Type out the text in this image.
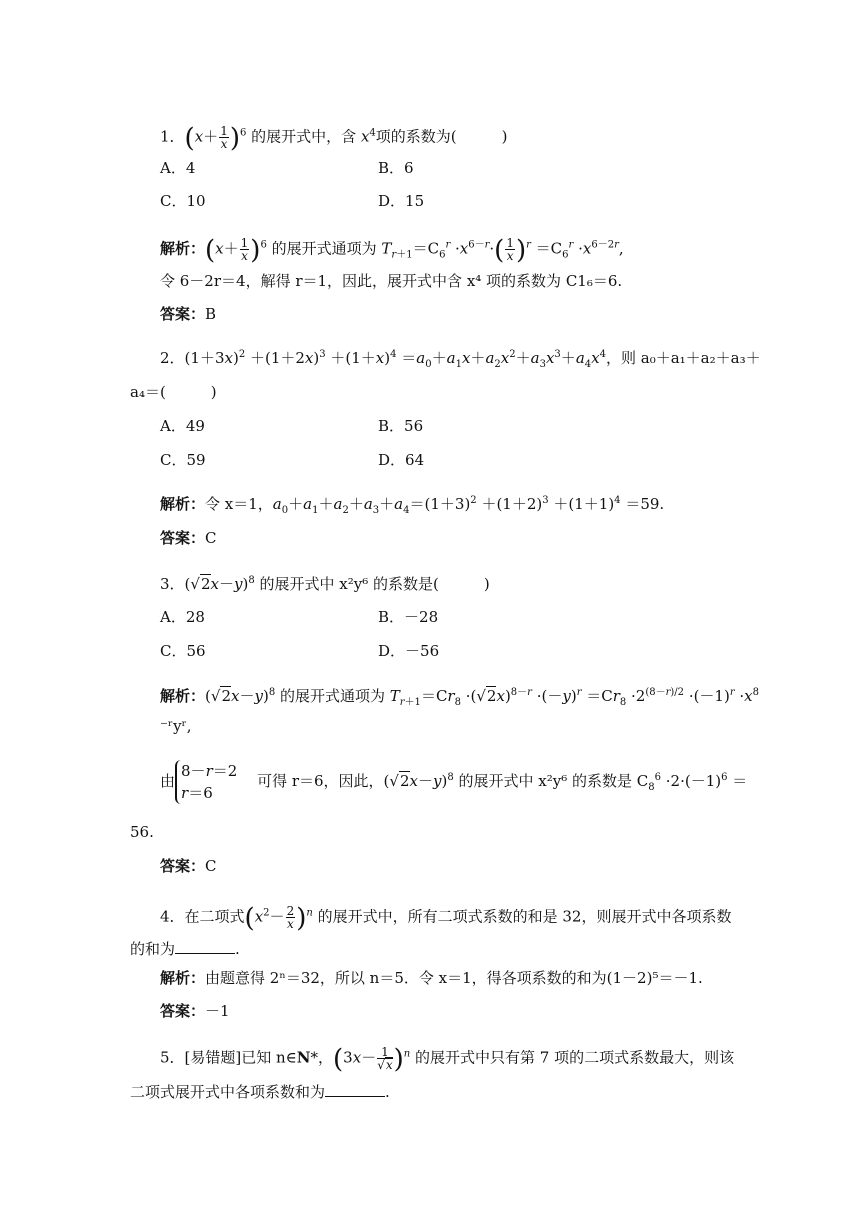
1．$(x+ \frac{1}{x} )^6$ 的展开式中，含 $x^4$项的系数为(　　　)
A．4	B．6
C．10	D．15
解析：$(x+ \frac{1}{x} )^6$ 的展开式通项为 $T_{r+1}=C_6^r \cdot x^{6-r}\cdot( \frac{1}{x} )^r =C_6^r \cdot x^{6-2r}$,
令 6－2r＝4，解得 r＝1，因此，展开式中含 x⁴ 项的系数为 C1₆＝6.
答案：B
2．$(1+3x)^2 +(1+2x)^3 +(1+x)^4 =a_0+a_1x+a_2x^2+a_3x^3+a_4x^4$，则 a₀＋a₁＋a₂＋a₃＋
a₄＝(　　　)
A．49	B．56
C．59	D．64
解析：令 x＝1，$a_0+a_1+a_2+a_3+a_4=(1+3)^2 +(1+2)^3 +(1+1)^4 =59$.
答案：C
3．$(√2x-y)^8$ 的展开式中 x²y⁶ 的系数是(　　　)
A．28	B．－28
C．56	D．－56
解析：$(√2x-y)^8$ 的展开式通项为 $T_{r+1}=Cr_8 \cdot(√2x)^{8-r} \cdot(-y)^r =Cr_8 \cdot 2^{(8-r)/2} \cdot(-1)^r \cdot x^8$
⁻ʳyʳ,
由8－r＝2
r＝6　 可得 r＝6，因此，$(√2x-y)^8$ 的展开式中 x²y⁶ 的系数是 $C_8^6 \cdot 2\cdot(-1)^6$ ＝
56.
答案：C
4．在二项式$(x^2- \frac{2}{x} )^n$ 的展开式中，所有二项式系数的和是 32，则展开式中各项系数
的和为	.
解析：由题意得 2ⁿ＝32，所以 n＝5．令 x＝1，得各项系数的和为(1－2)⁵＝－1.
答案：－1
5．[易错题]已知 n∈N*，$(3x- \frac{1}{√x} )^n$ 的展开式中只有第 7 项的二项式系数最大，则该
二项式展开式中各项系数和为	.
